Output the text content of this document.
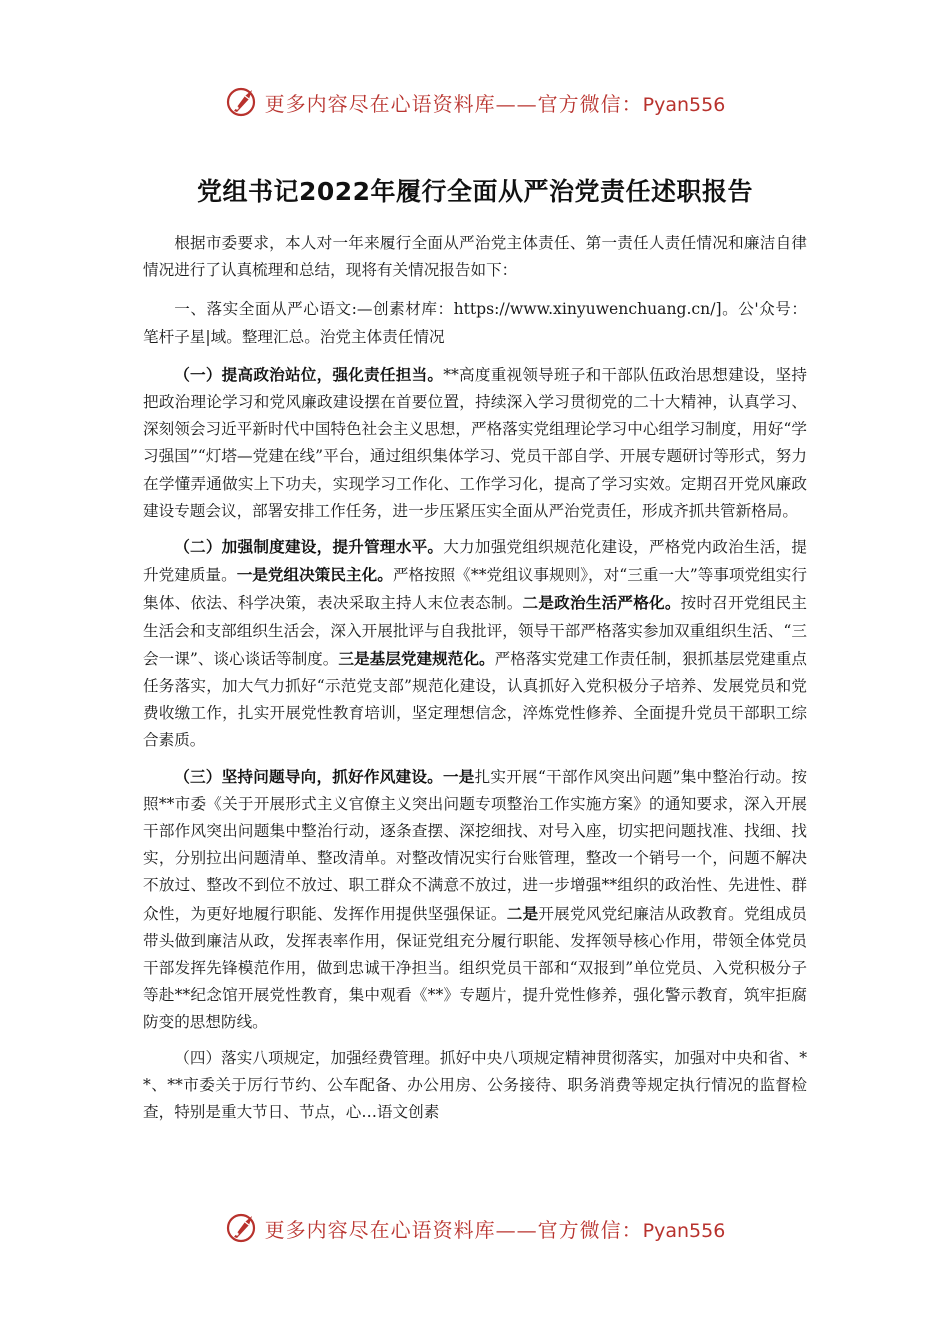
更多内容尽在心语资料库——官方微信：Pyan556
党组书记2022年履行全面从严治党责任述职报告

根据市委要求，本人对一年来履行全面从严治党主体责任、第一责任人责任情况和廉洁自律情况进行了认真梳理和总结，现将有关情况报告如下：

一、落实全面从严心语文:—创素材库：https://www.xinyuwenchuang.cn/]。公'众号：笔杆子星|域。整理汇总。治党主体责任情况

（一）提高政治站位，强化责任担当。**高度重视领导班子和干部队伍政治思想建设，坚持把政治理论学习和党风廉政建设摆在首要位置，持续深入学习贯彻党的二十大精神，认真学习、深刻领会习近平新时代中国特色社会主义思想，严格落实党组理论学习中心组学习制度，用好“学习强国”“灯塔—党建在线”平台，通过组织集体学习、党员干部自学、开展专题研讨等形式，努力在学懂弄通做实上下功夫，实现学习工作化、工作学习化，提高了学习实效。定期召开党风廉政建设专题会议，部署安排工作任务，进一步压紧压实全面从严治党责任，形成齐抓共管新格局。

（二）加强制度建设，提升管理水平。大力加强党组织规范化建设，严格党内政治生活，提升党建质量。一是党组决策民主化。严格按照《**党组议事规则》，对“三重一大”等事项党组实行集体、依法、科学决策，表决采取主持人末位表态制。二是政治生活严格化。按时召开党组民主生活会和支部组织生活会，深入开展批评与自我批评，领导干部严格落实参加双重组织生活、“三会一课”、谈心谈话等制度。三是基层党建规范化。严格落实党建工作责任制，狠抓基层党建重点任务落实，加大气力抓好“示范党支部”规范化建设，认真抓好入党积极分子培养、发展党员和党费收缴工作，扎实开展党性教育培训，坚定理想信念，淬炼党性修养、全面提升党员干部职工综合素质。

（三）坚持问题导向，抓好作风建设。一是扎实开展“干部作风突出问题”集中整治行动。按照**市委《关于开展形式主义官僚主义突出问题专项整治工作实施方案》的通知要求，深入开展干部作风突出问题集中整治行动，逐条查摆、深挖细找、对号入座，切实把问题找准、找细、找实，分别拉出问题清单、整改清单。对整改情况实行台账管理，整改一个销号一个，问题不解决不放过、整改不到位不放过、职工群众不满意不放过，进一步增强**组织的政治性、先进性、群众性，为更好地履行职能、发挥作用提供坚强保证。二是开展党风党纪廉洁从政教育。党组成员带头做到廉洁从政，发挥表率作用，保证党组充分履行职能、发挥领导核心作用，带领全体党员干部发挥先锋模范作用，做到忠诚干净担当。组织党员干部和“双报到”单位党员、入党积极分子等赴**纪念馆开展党性教育，集中观看《**》专题片，提升党性修养，强化警示教育，筑牢拒腐防变的思想防线。

（四）落实八项规定，加强经费管理。抓好中央八项规定精神贯彻落实，加强对中央和省、**、**市委关于厉行节约、公车配备、办公用房、公务接待、职务消费等规定执行情况的监督检查，特别是重大节日、节点，心…语文创素

更多内容尽在心语资料库——官方微信：Pyan556
